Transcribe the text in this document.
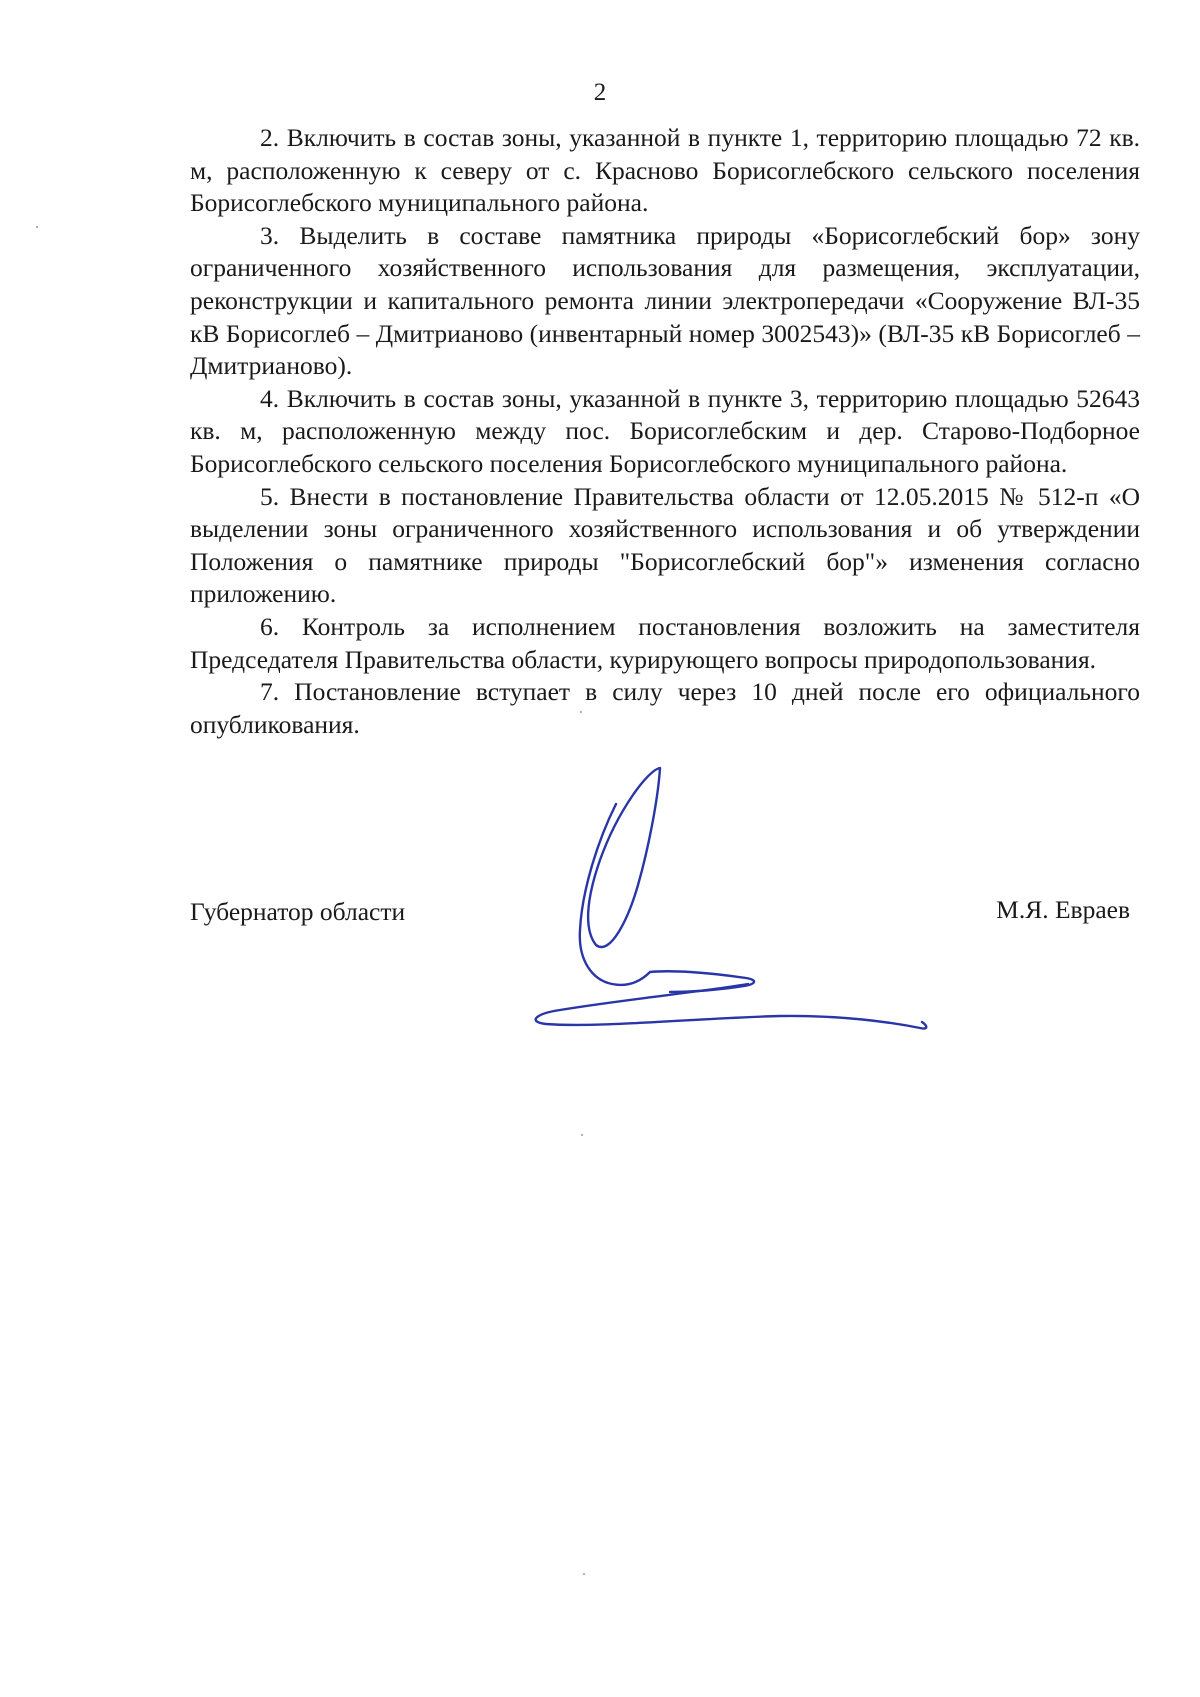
2

2. Включить в состав зоны, указанной в пункте 1, территорию площадью 72 кв. м, расположенную к северу от с. Красново Борисоглебского сельского поселения Борисоглебского муниципального района.

3. Выделить в составе памятника природы «Борисоглебский бор» зону ограниченного хозяйственного использования для размещения, эксплуатации, реконструкции и капитального ремонта линии электропередачи «Сооружение ВЛ-35 кВ Борисоглеб – Дмитрианово (инвентарный номер 3002543)» (ВЛ-35 кВ Борисоглеб – Дмитрианово).

4. Включить в состав зоны, указанной в пункте 3, территорию площадью 52643 кв. м, расположенную между пос. Борисоглебским и дер. Старово-Подборное Борисоглебского сельского поселения Борисоглебского муниципального района.

5. Внести в постановление Правительства области от 12.05.2015 № 512-п «О выделении зоны ограниченного хозяйственного использования и об утверждении Положения о памятнике природы "Борисоглебский бор"» изменения согласно приложению.

6. Контроль за исполнением постановления возложить на заместителя Председателя Правительства области, курирующего вопросы природопользования.

7. Постановление вступает в силу через 10 дней после его официального опубликования.

Губернатор области	М.Я. Евраев
